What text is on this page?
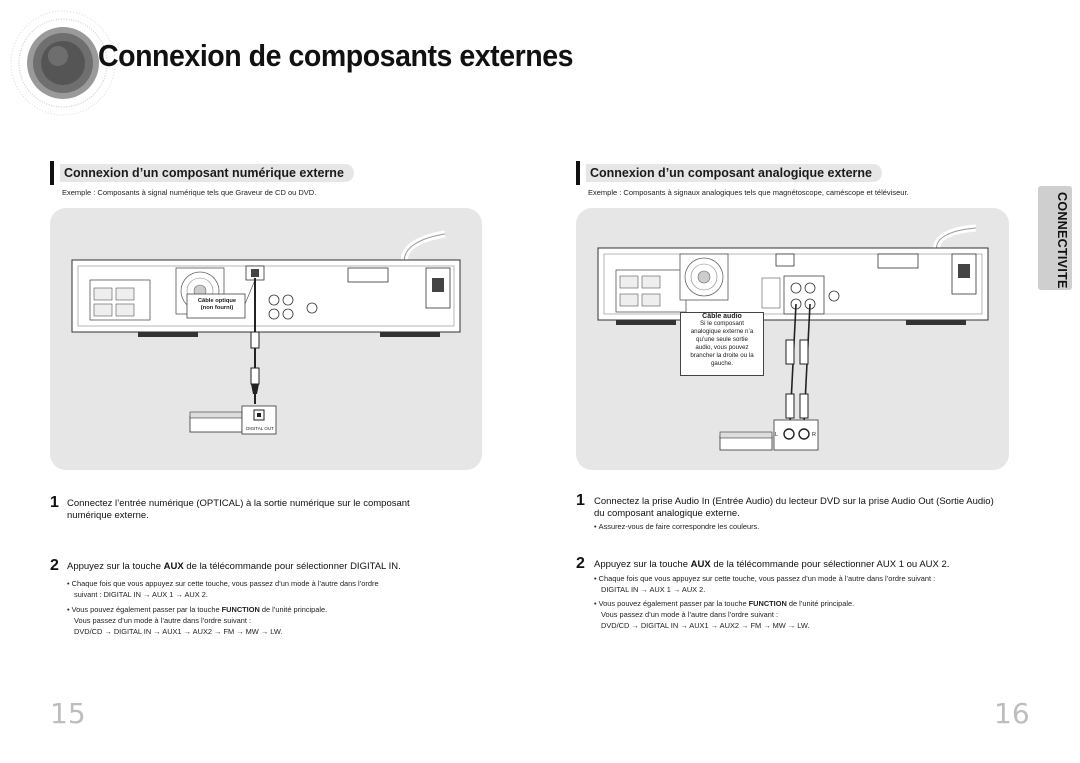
Connexion de composants externes
Connexion d’un composant numérique externe	Connexion d’un composant analogique externe
Exemple : Composants à signal numérique tels que Graveur de CD ou DVD.	Exemple : Composants à signaux analogiques tels que magnétoscope, caméscope et téléviseur.	CONNECTIVITE
Câble optique
(non fourni)
DIGITAL OUT
Câble audio
Si le composant
analogique externe n’a
qu’une seule sortie
audio, vous pouvez
brancher la droite ou la
gauche.
L	R
1 Connectez l’entrée numérique (OPTICAL) à la sortie numérique sur le composant
numérique externe.
2 Appuyez sur la touche AUX de la télécommande pour sélectionner DIGITAL IN.
• Chaque fois que vous appuyez sur cette touche, vous passez d’un mode à l’autre dans l’ordre
suivant : DIGITAL IN → AUX 1 → AUX 2.
• Vous pouvez également passer par la touche FUNCTION de l’unité principale.
Vous passez d’un mode à l’autre dans l’ordre suivant :
DVD/CD → DIGITAL IN → AUX1 → AUX2 → FM → MW → LW.
1 Connectez la prise Audio In (Entrée Audio) du lecteur DVD sur la prise Audio Out (Sortie Audio)
du composant analogique externe.
• Assurez-vous de faire correspondre les couleurs.
2 Appuyez sur la touche AUX de la télécommande pour sélectionner AUX 1 ou AUX 2.
• Chaque fois que vous appuyez sur cette touche, vous passez d’un mode à l’autre dans l’ordre suivant :
DIGITAL IN → AUX 1 → AUX 2.
• Vous pouvez également passer par la touche FUNCTION de l’unité principale.
Vous passez d’un mode à l’autre dans l’ordre suivant :
DVD/CD → DIGITAL IN → AUX1 → AUX2 → FM → MW → LW.
15	16
